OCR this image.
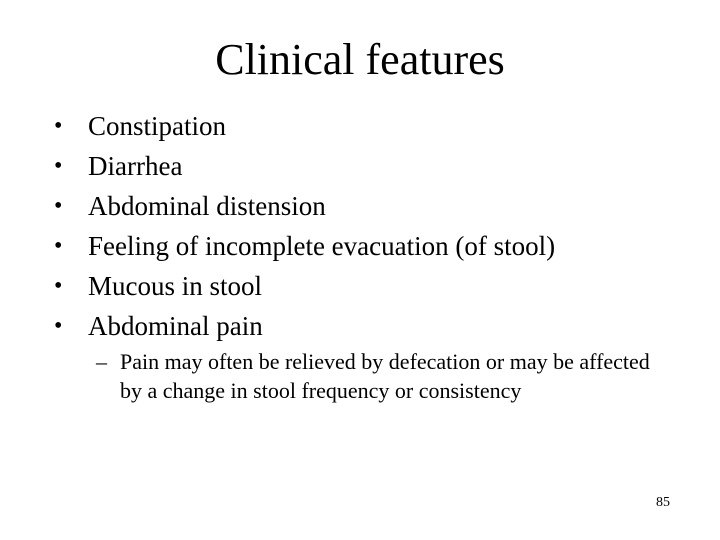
Clinical features
• Constipation
• Diarrhea
• Abdominal distension
• Feeling of incomplete evacuation (of stool)
• Mucous in stool
• Abdominal pain
– Pain may often be relieved by defecation or may be affected by a change in stool frequency or consistency
85
